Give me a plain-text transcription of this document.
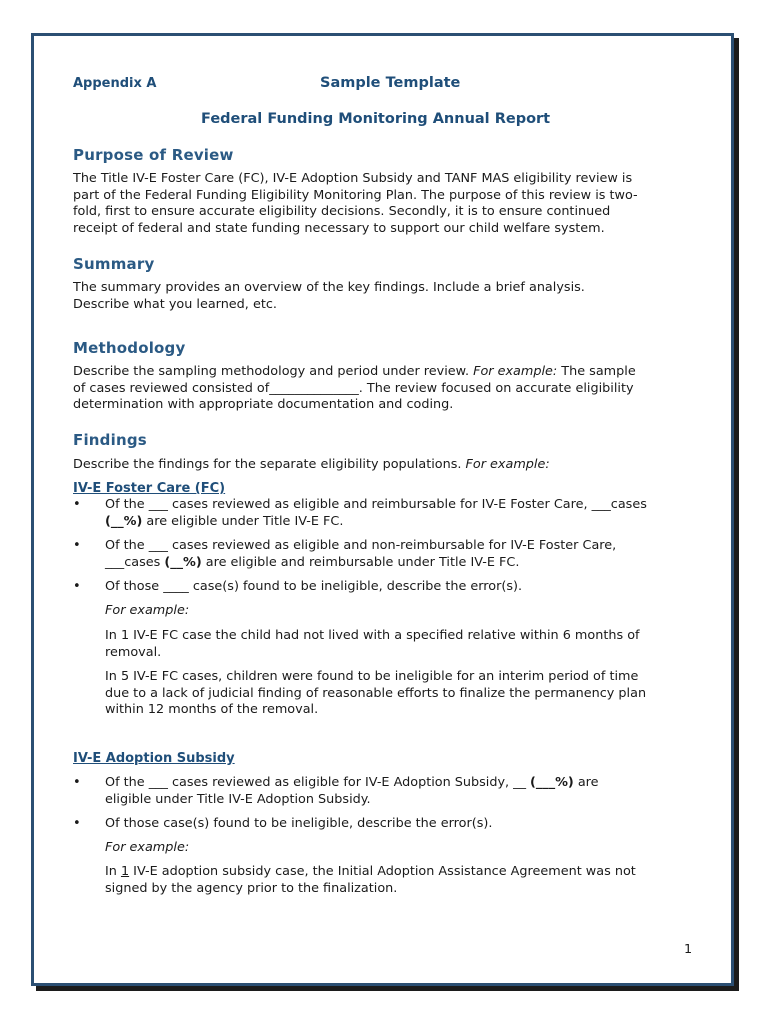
Appendix A	Sample Template
Federal Funding Monitoring Annual Report
Purpose of Review
The Title IV-E Foster Care (FC), IV-E Adoption Subsidy and TANF MAS eligibility review is
part of the Federal Funding Eligibility Monitoring Plan. The purpose of this review is two-
fold, first to ensure accurate eligibility decisions. Secondly, it is to ensure continued
receipt of federal and state funding necessary to support our child welfare system.
Summary
The summary provides an overview of the key findings. Include a brief analysis.
Describe what you learned, etc.
Methodology
Describe the sampling methodology and period under review. For example: The sample
of cases reviewed consisted of______________. The review focused on accurate eligibility
determination with appropriate documentation and coding.
Findings
Describe the findings for the separate eligibility populations. For example:
IV-E Foster Care (FC)
• Of the ___ cases reviewed as eligible and reimbursable for IV-E Foster Care, ___cases
(__%) are eligible under Title IV-E FC.
• Of the ___ cases reviewed as eligible and non-reimbursable for IV-E Foster Care,
___cases (__%) are eligible and reimbursable under Title IV-E FC.
• Of those ____ case(s) found to be ineligible, describe the error(s).
For example:
In 1 IV-E FC case the child had not lived with a specified relative within 6 months of
removal.
In 5 IV-E FC cases, children were found to be ineligible for an interim period of time
due to a lack of judicial finding of reasonable efforts to finalize the permanency plan
within 12 months of the removal.
IV-E Adoption Subsidy
• Of the ___ cases reviewed as eligible for IV-E Adoption Subsidy, __ (___%) are
eligible under Title IV-E Adoption Subsidy.
• Of those case(s) found to be ineligible, describe the error(s).
For example:
In 1 IV-E adoption subsidy case, the Initial Adoption Assistance Agreement was not
signed by the agency prior to the finalization.
1
